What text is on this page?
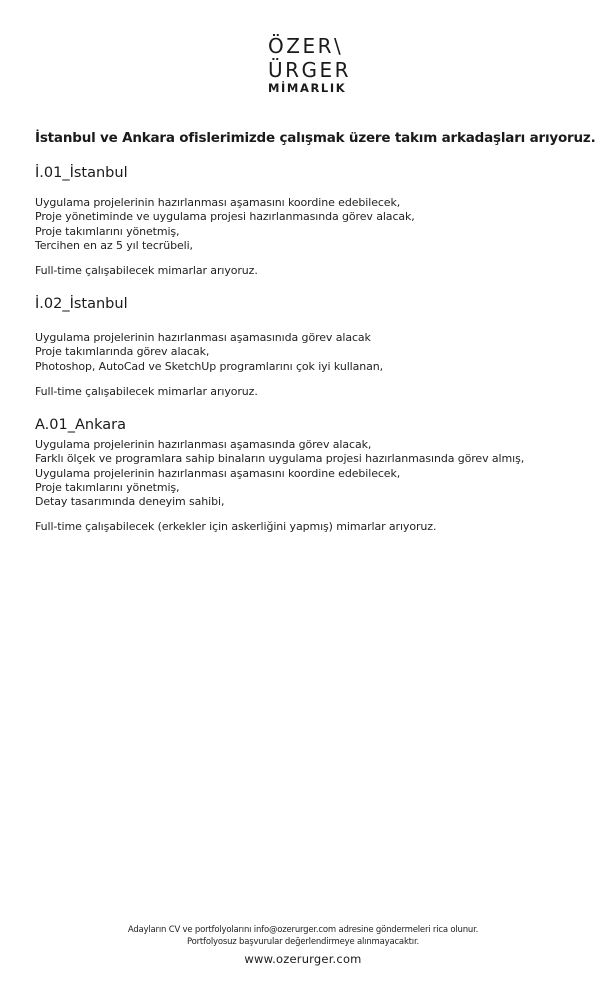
ÖZER\
ÜRGER
MİMARLIK
İstanbul ve Ankara ofislerimizde çalışmak üzere takım arkadaşları arıyoruz.
İ.01_İstanbul
Uygulama projelerinin hazırlanması aşamasını koordine edebilecek,
Proje yönetiminde ve uygulama projesi hazırlanmasında görev alacak,
Proje takımlarını yönetmiş,
Tercihen en az 5 yıl tecrübeli,
Full-time çalışabilecek mimarlar arıyoruz.
İ.02_İstanbul
Uygulama projelerinin hazırlanması aşamasınıda görev alacak
Proje takımlarında görev alacak,
Photoshop, AutoCad ve SketchUp programlarını çok iyi kullanan,
Full-time çalışabilecek mimarlar arıyoruz.
A.01_Ankara
Uygulama projelerinin hazırlanması aşamasında görev alacak,
Farklı ölçek ve programlara sahip binaların uygulama projesi hazırlanmasında görev almış,
Uygulama projelerinin hazırlanması aşamasını koordine edebilecek,
Proje takımlarını yönetmiş,
Detay tasarımında deneyim sahibi,
Full-time çalışabilecek (erkekler için askerliğini yapmış) mimarlar arıyoruz.
Adayların CV ve portfolyolarını info@ozerurger.com adresine göndermeleri rica olunur.
Portfolyosuz başvurular değerlendirmeye alınmayacaktır.
www.ozerurger.com
